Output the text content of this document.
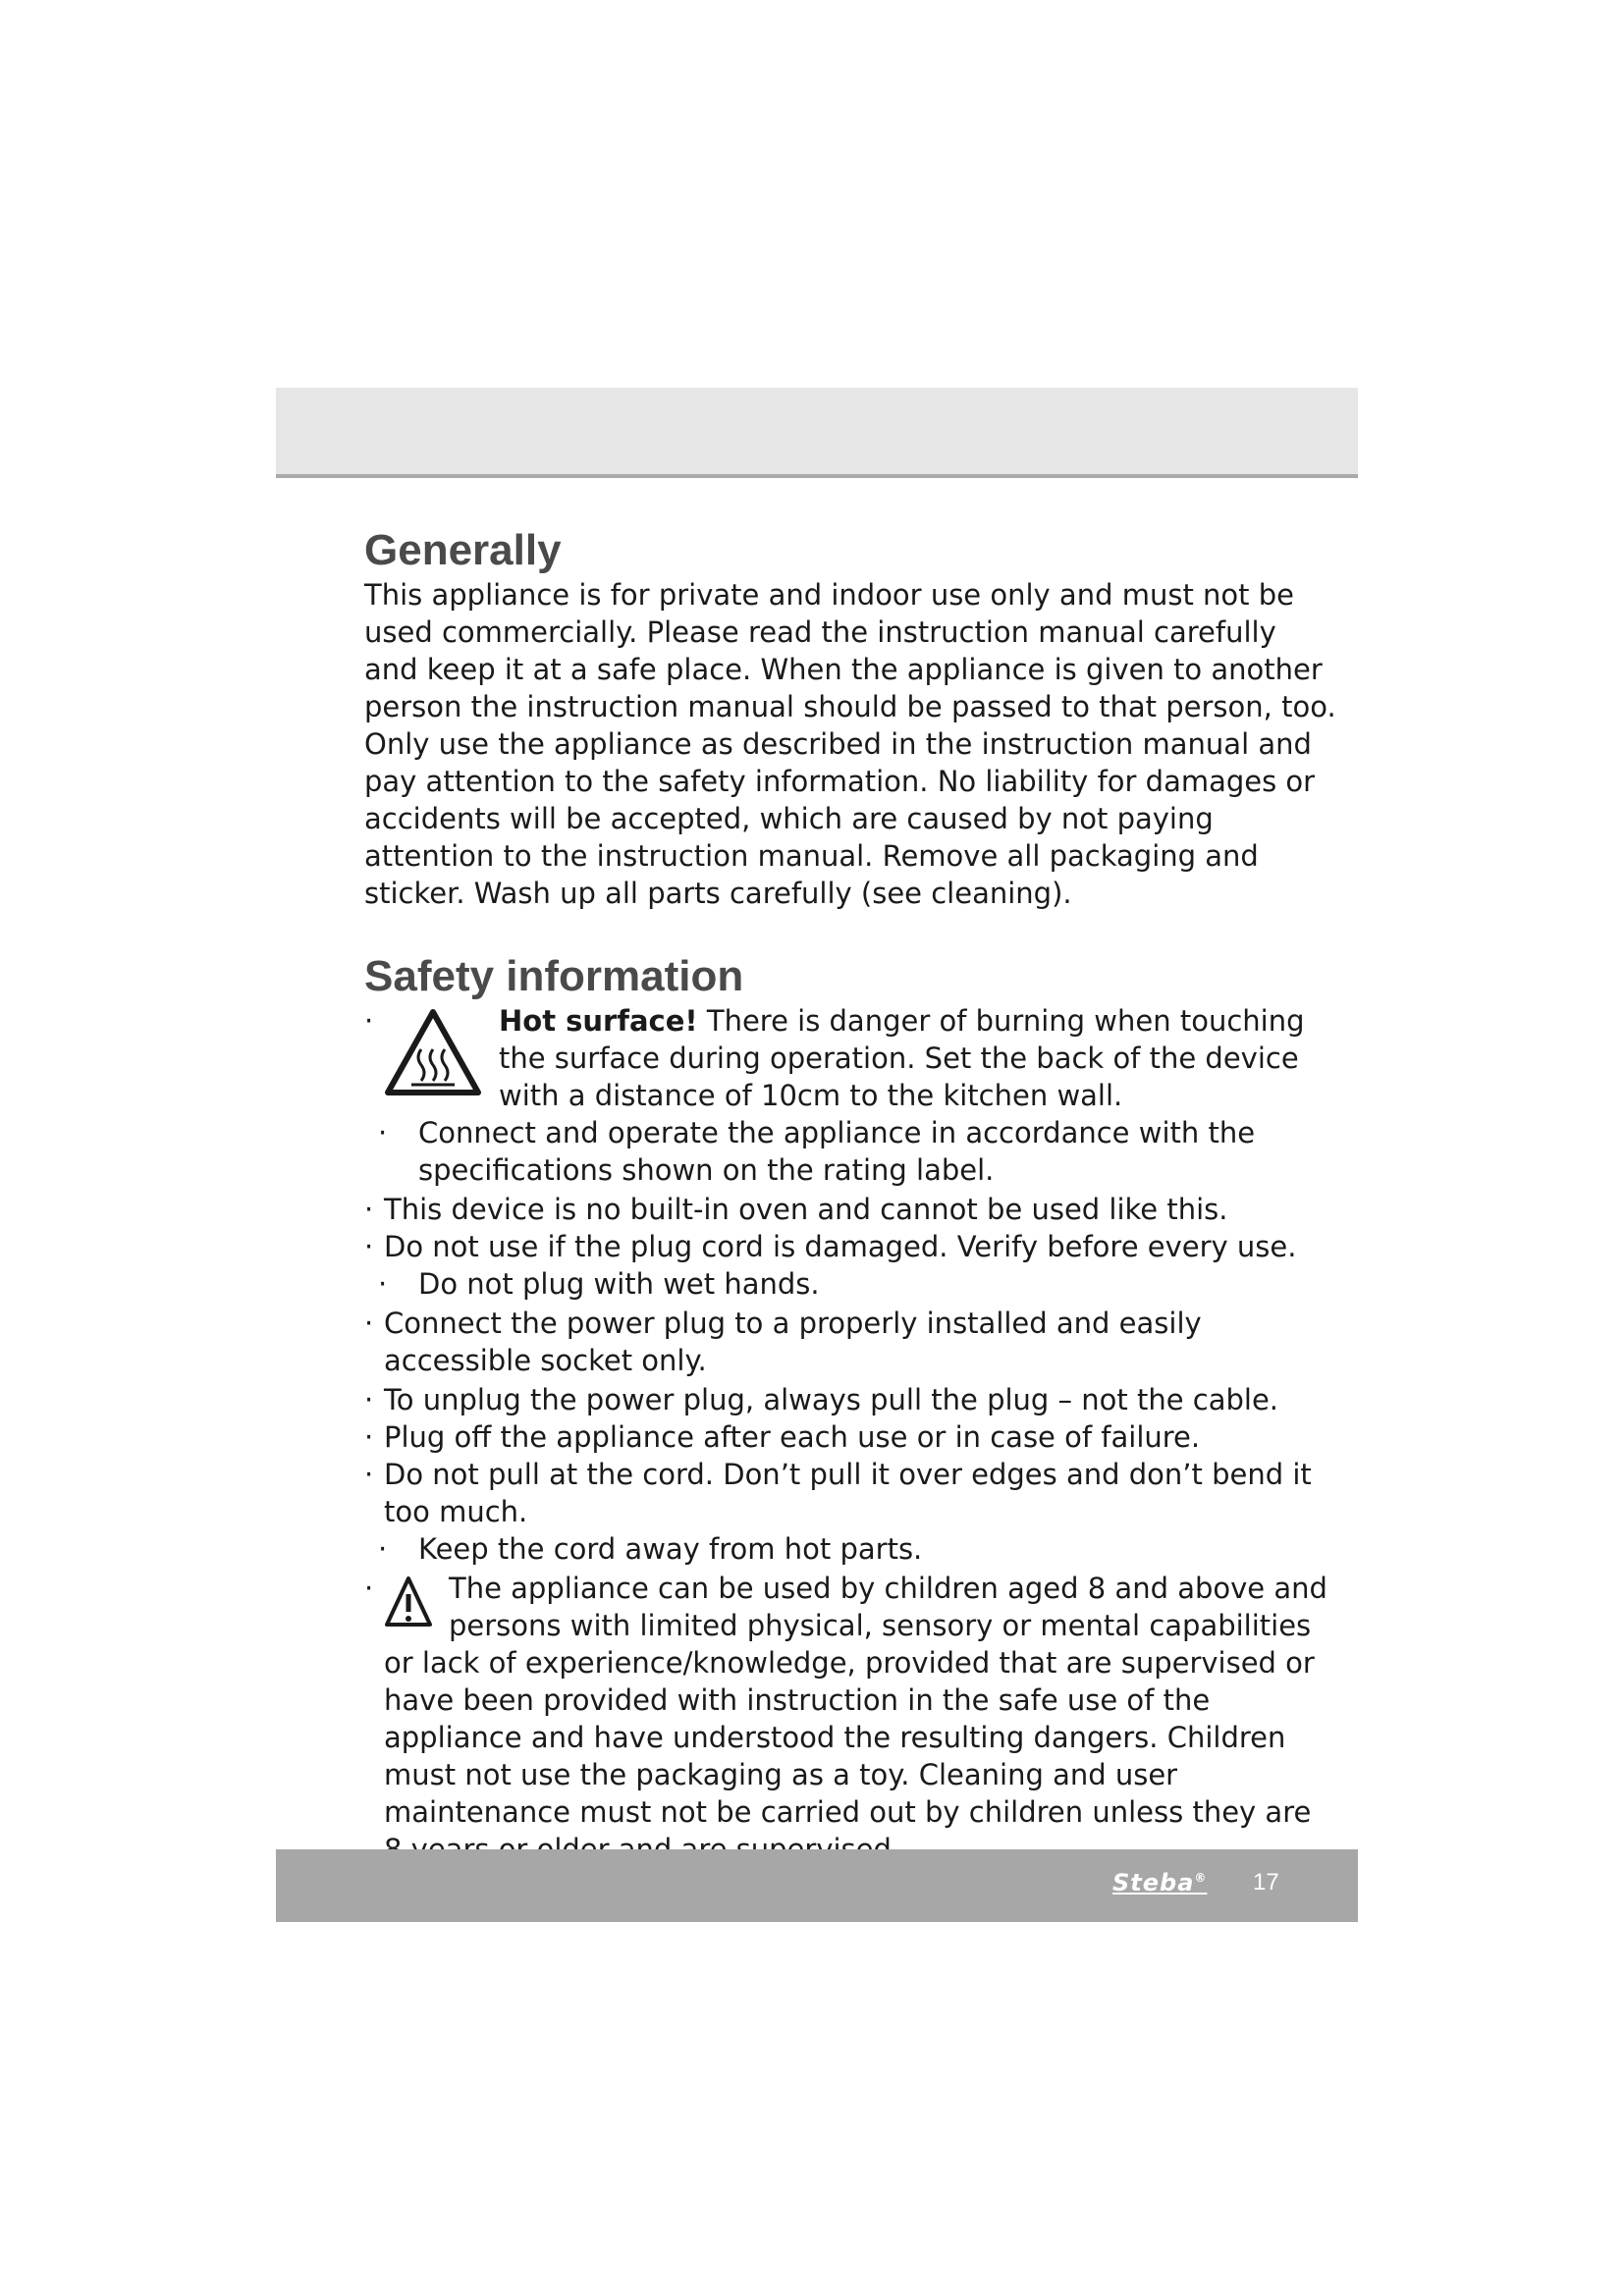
Generally

This appliance is for private and indoor use only and must not be used commercially. Please read the instruction manual carefully and keep it at a safe place. When the appliance is given to another person the instruction manual should be passed to that person, too. Only use the appliance as described in the instruction manual and pay attention to the safety information. No liability for damages or accidents will be accepted, which are caused by not paying attention to the instruction manual. Remove all packaging and sticker. Wash up all parts carefully (see cleaning).

Safety information
·	Hot surface! There is danger of burning when touching the surface during operation. Set the back of the device with a distance of 10cm to the kitchen wall.

· Connect and operate the appliance in accordance with the specifications shown on the rating label.

· This device is no built-in oven and cannot be used like this.

· Do not use if the plug cord is damaged. Verify before every use.

· Do not plug with wet hands.

· Connect the power plug to a properly installed and easily accessible socket only.

· To unplug the power plug, always pull the plug – not the cable.

· Plug off the appliance after each use or in case of failure.

· Do not pull at the cord. Don’t pull it over edges and don’t bend it too much.

· Keep the cord away from hot parts.

·	The appliance can be used by children aged 8 and above and persons with limited physical, sensory or mental capabilities or lack of experience/knowledge, provided that are supervised or have been provided with instruction in the safe use of the appliance and have understood the resulting dangers. Children must not use the packaging as a toy. Cleaning and user maintenance must not be carried out by children unless they are
Steba® 17
